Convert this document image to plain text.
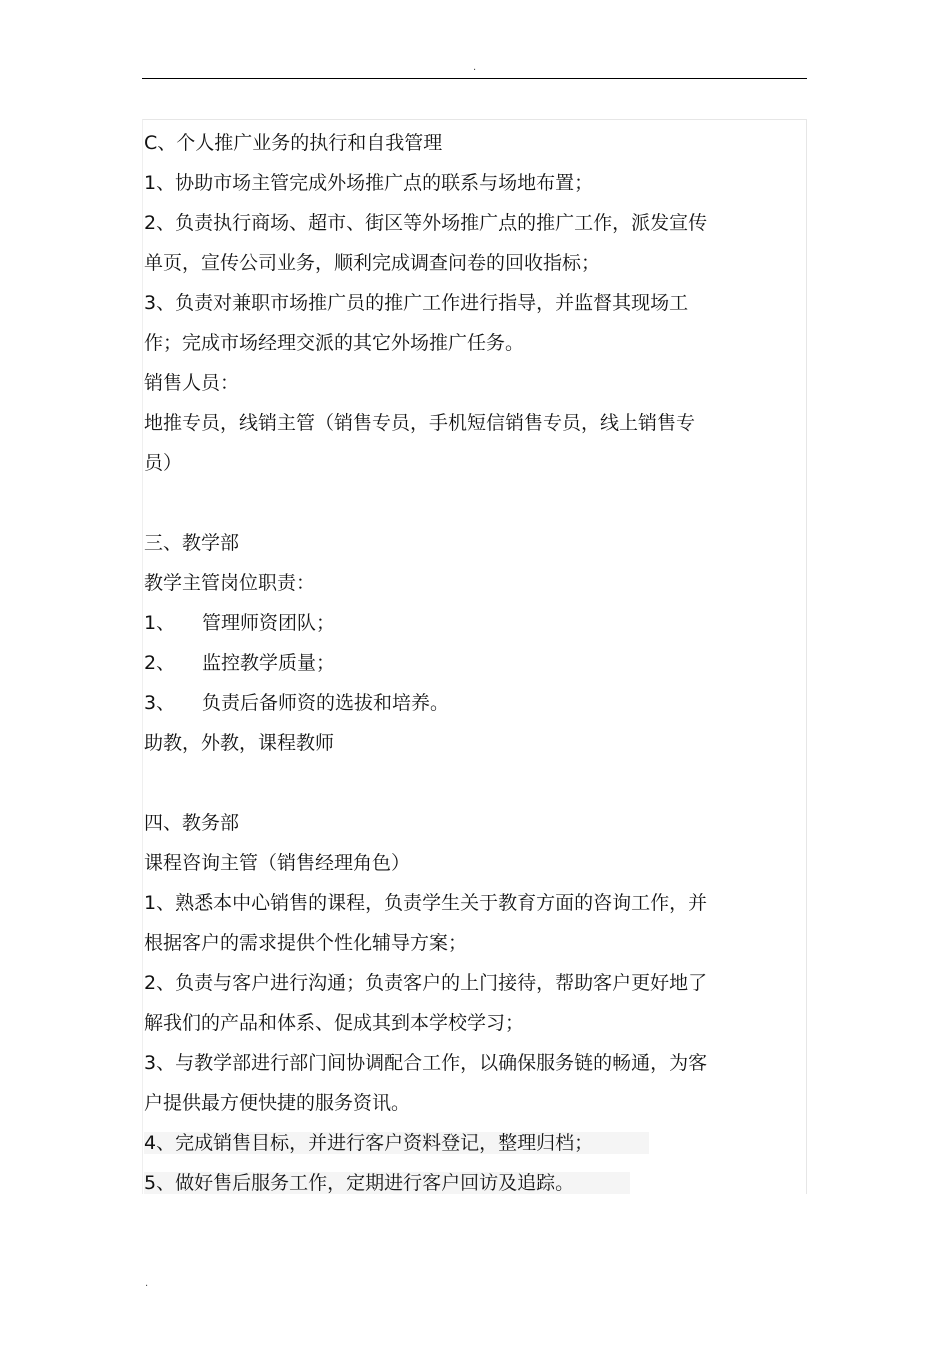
.
C、个人推广业务的执行和自我管理
1、协助市场主管完成外场推广点的联系与场地布置；
2、负责执行商场、超市、街区等外场推广点的推广工作，派发宣传
单页，宣传公司业务，顺利完成调查问卷的回收指标；
3、负责对兼职市场推广员的推广工作进行指导，并监督其现场工
作；完成市场经理交派的其它外场推广任务。
销售人员：
地推专员，线销主管（销售专员，手机短信销售专员，线上销售专
员）
三、教学部
教学主管岗位职责：
1、 管理师资团队；
2、 监控教学质量；
3、 负责后备师资的选拔和培养。
助教，外教，课程教师
四、教务部
课程咨询主管（销售经理角色）
1、熟悉本中心销售的课程，负责学生关于教育方面的咨询工作，并
根据客户的需求提供个性化辅导方案；
2、负责与客户进行沟通；负责客户的上门接待，帮助客户更好地了
解我们的产品和体系、促成其到本学校学习；
3、与教学部进行部门间协调配合工作，以确保服务链的畅通，为客
户提供最方便快捷的服务资讯。
4、完成销售目标，并进行客户资料登记，整理归档；
5、做好售后服务工作，定期进行客户回访及追踪。
.
